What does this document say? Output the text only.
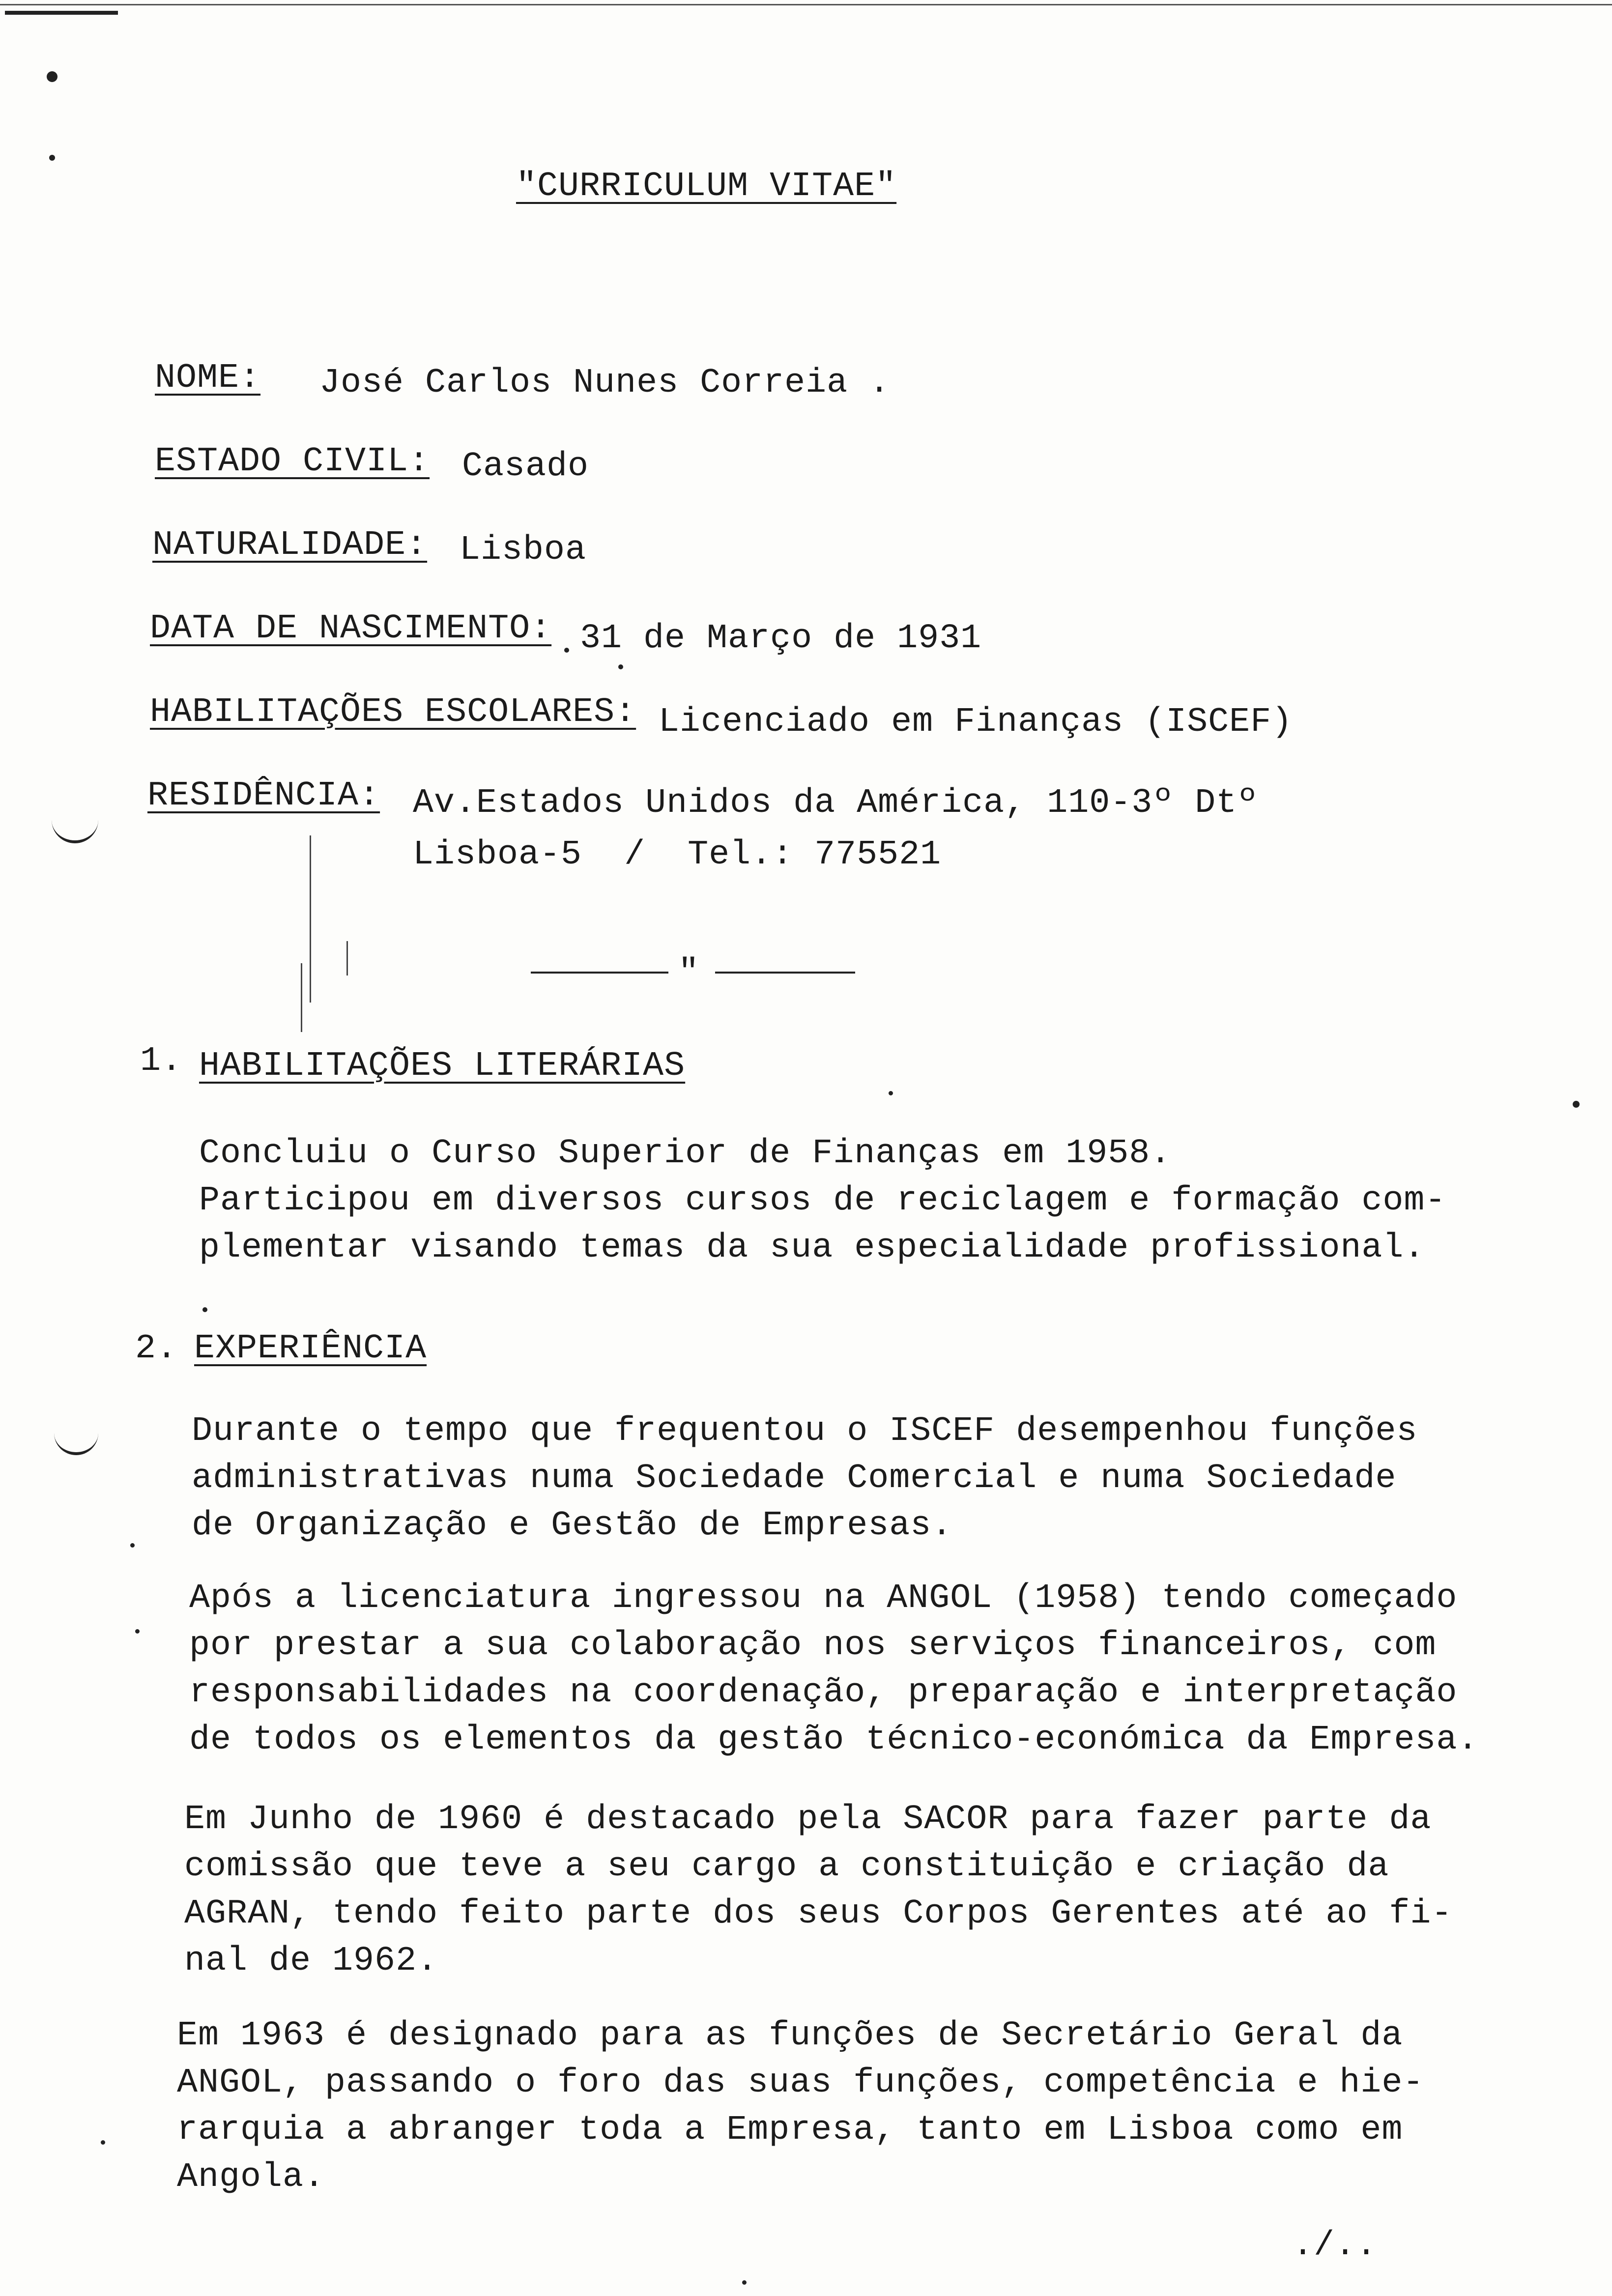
"CURRICULUM VITAE"
NOME: José Carlos Nunes Correia .
ESTADO CIVIL: Casado
NATURALIDADE: Lisboa
DATA DE NASCIMENTO: 31 de Março de 1931
HABILITAÇÕES ESCOLARES: Licenciado em Finanças (ISCEF)
RESIDÊNCIA: Av.Estados Unidos da América, 110-3º Dtº
Lisboa-5  /  Tel.: 775521
"
1. HABILITAÇÕES LITERÁRIAS
Concluiu o Curso Superior de Finanças em 1958.
Participou em diversos cursos de reciclagem e formação com-
plementar visando temas da sua especialidade profissional.
2. EXPERIÊNCIA
Durante o tempo que frequentou o ISCEF desempenhou funções
administrativas numa Sociedade Comercial e numa Sociedade
de Organização e Gestão de Empresas.
Após a licenciatura ingressou na ANGOL (1958) tendo começado
por prestar a sua colaboração nos serviços financeiros, com
responsabilidades na coordenação, preparação e interpretação
de todos os elementos da gestão técnico-económica da Empresa.
Em Junho de 1960 é destacado pela SACOR para fazer parte da
comissão que teve a seu cargo a constituição e criação da
AGRAN, tendo feito parte dos seus Corpos Gerentes até ao fi-
nal de 1962.
Em 1963 é designado para as funções de Secretário Geral da
ANGOL, passando o foro das suas funções, competência e hie-
rarquia a abranger toda a Empresa, tanto em Lisboa como em
Angola.
./..
